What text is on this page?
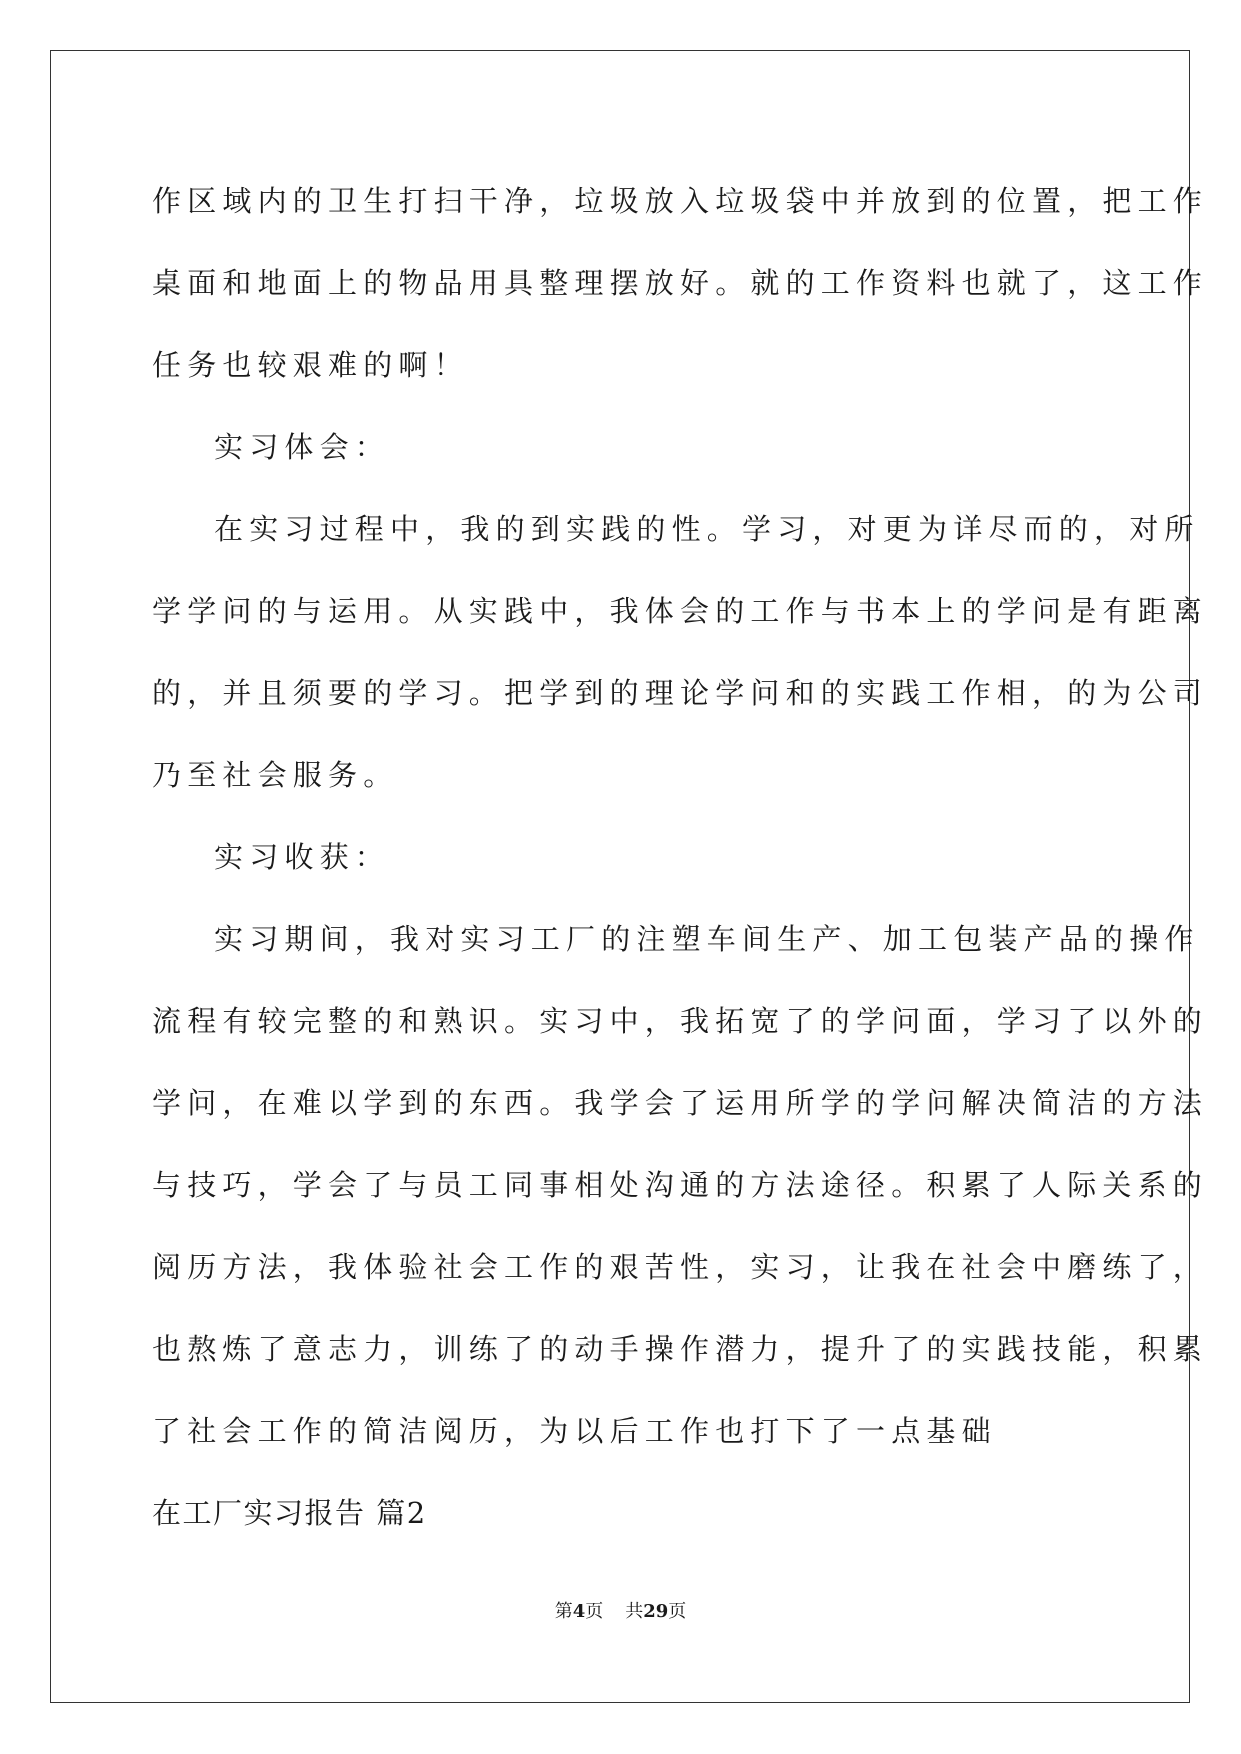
作区域内的卫生打扫干净，垃圾放入垃圾袋中并放到的位置，把工作
桌面和地面上的物品用具整理摆放好。就的工作资料也就了，这工作
任务也较艰难的啊！
实习体会：
在实习过程中，我的到实践的性。学习，对更为详尽而的，对所
学学问的与运用。从实践中，我体会的工作与书本上的学问是有距离
的，并且须要的学习。把学到的理论学问和的实践工作相，的为公司
乃至社会服务。
实习收获：
实习期间，我对实习工厂的注塑车间生产、加工包装产品的操作
流程有较完整的和熟识。实习中，我拓宽了的学问面，学习了以外的
学问，在难以学到的东西。我学会了运用所学的学问解决简洁的方法
与技巧，学会了与员工同事相处沟通的方法途径。积累了人际关系的
阅历方法，我体验社会工作的艰苦性，实习，让我在社会中磨练了，
也熬炼了意志力，训练了的动手操作潜力，提升了的实践技能，积累
了社会工作的简洁阅历，为以后工作也打下了一点基础
在工厂实习报告 篇2
第4页 共29页
